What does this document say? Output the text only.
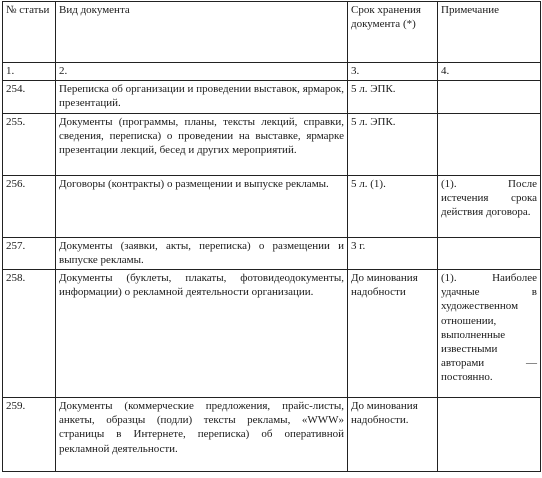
№ статьи	Вид документа	Срок хранения документа (*)	Примечание
1.	2.	3.	4.
254.	Переписка об организации и проведении выставок, ярмарок, презентаций.	5 л. ЭПК.	
255.	Документы (программы, планы, тексты лекций, справки, сведения, переписка) о проведении на выставке, ярмарке презентации лекций, бесед и других мероприятий.	5 л. ЭПК.	
256.	Договоры (контракты) о размещении и выпуске рекламы.	5 л. (1).	(1). После истечения срока действия договора.
257.	Документы (заявки, акты, переписка) о размещении и выпуске рекламы.	3 г.	
258.	Документы (буклеты, плакаты, фотовидеодокументы, информации) о рекламной деятельности организации.	До минования надобности	(1). Наиболее удачные в художественном отношении, выполненные известными авторами — постоянно.
259.	Документы (коммерческие предложения, прайс-листы, анкеты, образцы (подли) тексты рекламы, «WWW» страницы в Интернете, переписка) об оперативной рекламной деятельности.	До минования надобности.	
